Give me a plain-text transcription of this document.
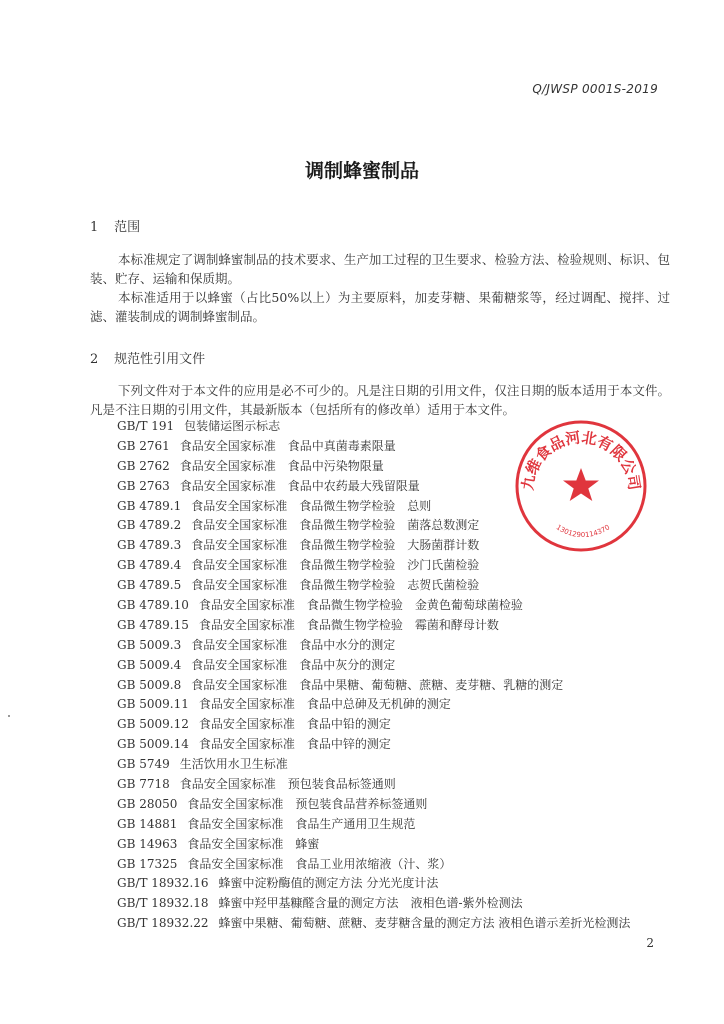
Q/JWSP 0001S-2019
调制蜂蜜制品
1 范围

本标准规定了调制蜂蜜制品的技术要求、生产加工过程的卫生要求、检验方法、检验规则、标识、包装、贮存、运输和保质期。

本标准适用于以蜂蜜（占比50%以上）为主要原料，加麦芽糖、果葡糖浆等，经过调配、搅拌、过滤、灌装制成的调制蜂蜜制品。

2 规范性引用文件

下列文件对于本文件的应用是必不可少的。凡是注日期的引用文件，仅注日期的版本适用于本文件。凡是不注日期的引用文件，其最新版本（包括所有的修改单）适用于本文件。

GB/T 191 包装储运图示标志
GB 2761 食品安全国家标准　食品中真菌毒素限量
GB 2762 食品安全国家标准　食品中污染物限量
GB 2763 食品安全国家标准　食品中农药最大残留限量
GB 4789.1 食品安全国家标准　食品微生物学检验　总则
GB 4789.2 食品安全国家标准　食品微生物学检验　菌落总数测定
GB 4789.3 食品安全国家标准　食品微生物学检验　大肠菌群计数
GB 4789.4 食品安全国家标准　食品微生物学检验　沙门氏菌检验
GB 4789.5 食品安全国家标准　食品微生物学检验　志贺氏菌检验
GB 4789.10 食品安全国家标准　食品微生物学检验　金黄色葡萄球菌检验
GB 4789.15 食品安全国家标准　食品微生物学检验　霉菌和酵母计数
GB 5009.3 食品安全国家标准　食品中水分的测定
GB 5009.4 食品安全国家标准　食品中灰分的测定
GB 5009.8 食品安全国家标准　食品中果糖、葡萄糖、蔗糖、麦芽糖、乳糖的测定
GB 5009.11 食品安全国家标准　食品中总砷及无机砷的测定
GB 5009.12 食品安全国家标准　食品中铅的测定
GB 5009.14 食品安全国家标准　食品中锌的测定
GB 5749 生活饮用水卫生标准
GB 7718 食品安全国家标准　预包装食品标签通则
GB 28050 食品安全国家标准　预包装食品营养标签通则
GB 14881 食品安全国家标准　食品生产通用卫生规范
GB 14963 食品安全国家标准　蜂蜜
GB 17325 食品安全国家标准　食品工业用浓缩液（汁、浆）
GB/T 18932.16 蜂蜜中淀粉酶值的测定方法 分光光度计法
GB/T 18932.18 蜂蜜中羟甲基糠醛含量的测定方法　液相色谱-紫外检测法
GB/T 18932.22 蜂蜜中果糖、葡萄糖、蔗糖、麦芽糖含量的测定方法 液相色谱示差折光检测法
九维食品河北有限公司
1301290114370
2
